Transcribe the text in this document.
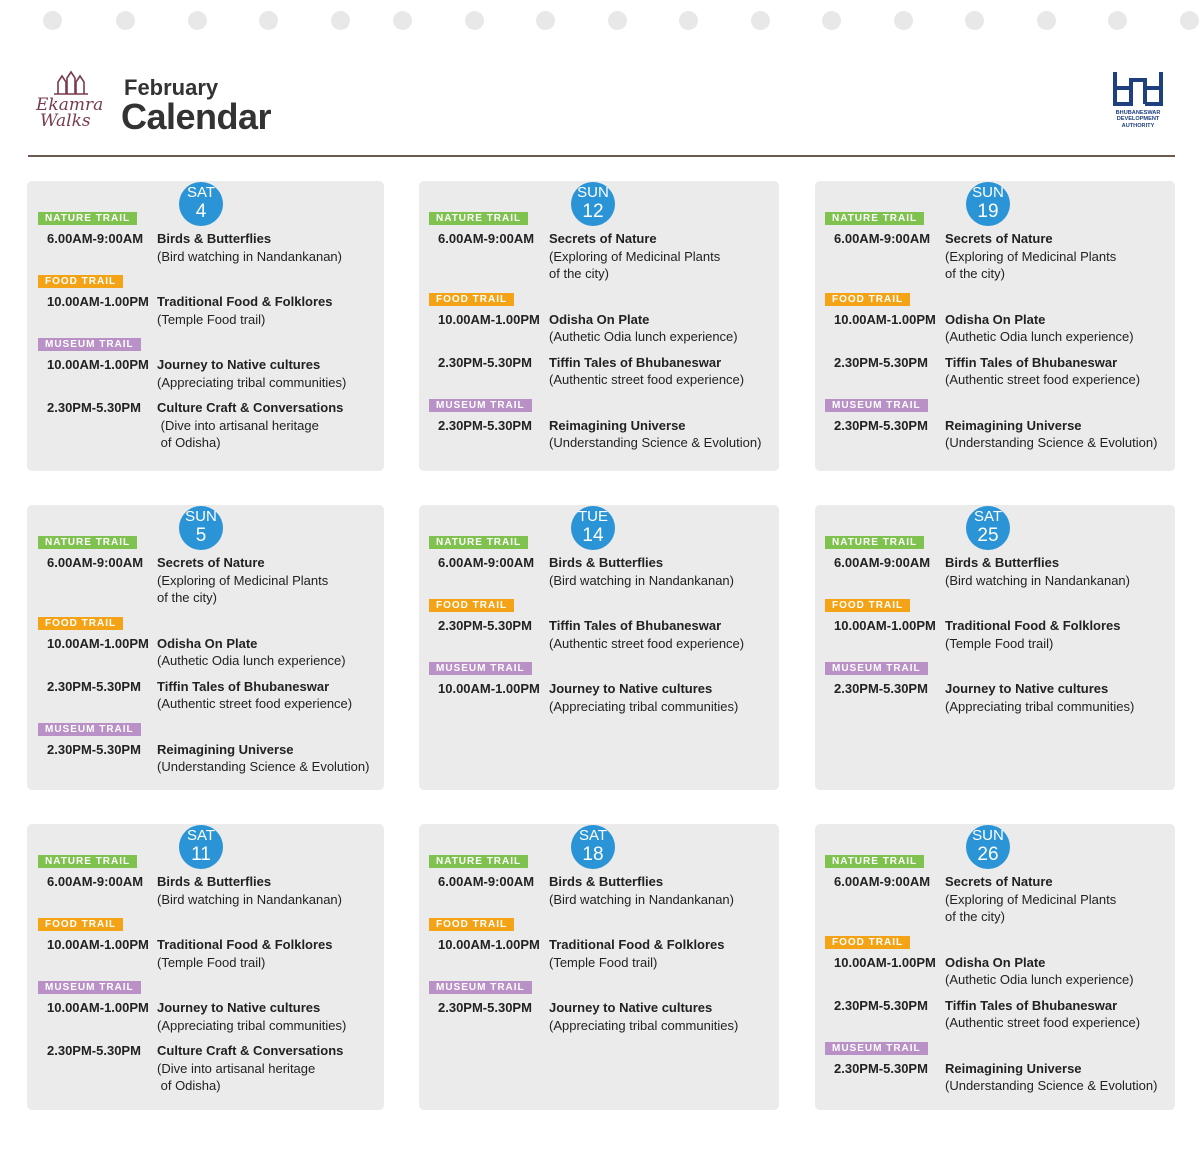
Ekamra
Walks
February
Calendar	BHUBANESWAR
DEVELOPMENT
AUTHORITY
SAT
4
NATURE TRAIL
6.00AM-9:00AM Birds & Butterflies
(Bird watching in Nandankanan)
FOOD TRAIL
10.00AM-1.00PM Traditional Food & Folklores
(Temple Food trail)
MUSEUM TRAIL
10.00AM-1.00PM Journey to Native cultures
(Appreciating tribal communities)
2.30PM-5.30PM Culture Craft & Conversations
(Dive into artisanal heritage
of Odisha)
SUN
12
NATURE TRAIL
6.00AM-9:00AM Secrets of Nature
(Exploring of Medicinal Plants
of the city)
FOOD TRAIL
10.00AM-1.00PM Odisha On Plate
(Authetic Odia lunch experience)
2.30PM-5.30PM Tiffin Tales of Bhubaneswar
(Authentic street food experience)
MUSEUM TRAIL
2.30PM-5.30PM Reimagining Universe
(Understanding Science & Evolution)
SUN
19
NATURE TRAIL
6.00AM-9:00AM Secrets of Nature
(Exploring of Medicinal Plants
of the city)
FOOD TRAIL
10.00AM-1.00PM Odisha On Plate
(Authetic Odia lunch experience)
2.30PM-5.30PM Tiffin Tales of Bhubaneswar
(Authentic street food experience)
MUSEUM TRAIL
2.30PM-5.30PM Reimagining Universe
(Understanding Science & Evolution)
SUN
5
NATURE TRAIL
6.00AM-9:00AM Secrets of Nature
(Exploring of Medicinal Plants
of the city)
FOOD TRAIL
10.00AM-1.00PM Odisha On Plate
(Authetic Odia lunch experience)
2.30PM-5.30PM Tiffin Tales of Bhubaneswar
(Authentic street food experience)
MUSEUM TRAIL
2.30PM-5.30PM Reimagining Universe
(Understanding Science & Evolution)
TUE
14
NATURE TRAIL
6.00AM-9:00AM Birds & Butterflies
(Bird watching in Nandankanan)
FOOD TRAIL
2.30PM-5.30PM Tiffin Tales of Bhubaneswar
(Authentic street food experience)
MUSEUM TRAIL
10.00AM-1.00PM Journey to Native cultures
(Appreciating tribal communities)
SAT
25
NATURE TRAIL
6.00AM-9:00AM Birds & Butterflies
(Bird watching in Nandankanan)
FOOD TRAIL
10.00AM-1.00PM Traditional Food & Folklores
(Temple Food trail)
MUSEUM TRAIL
2.30PM-5.30PM Journey to Native cultures
(Appreciating tribal communities)
SAT
11
NATURE TRAIL
6.00AM-9:00AM Birds & Butterflies
(Bird watching in Nandankanan)
FOOD TRAIL
10.00AM-1.00PM Traditional Food & Folklores
(Temple Food trail)
MUSEUM TRAIL
10.00AM-1.00PM Journey to Native cultures
(Appreciating tribal communities)
2.30PM-5.30PM Culture Craft & Conversations
(Dive into artisanal heritage
of Odisha)
SAT
18
NATURE TRAIL
6.00AM-9:00AM Birds & Butterflies
(Bird watching in Nandankanan)
FOOD TRAIL
10.00AM-1.00PM Traditional Food & Folklores
(Temple Food trail)
MUSEUM TRAIL
2.30PM-5.30PM Journey to Native cultures
(Appreciating tribal communities)
SUN
26
NATURE TRAIL
6.00AM-9:00AM Secrets of Nature
(Exploring of Medicinal Plants
of the city)
FOOD TRAIL
10.00AM-1.00PM Odisha On Plate
(Authetic Odia lunch experience)
2.30PM-5.30PM Tiffin Tales of Bhubaneswar
(Authentic street food experience)
MUSEUM TRAIL
2.30PM-5.30PM Reimagining Universe
(Understanding Science & Evolution)
